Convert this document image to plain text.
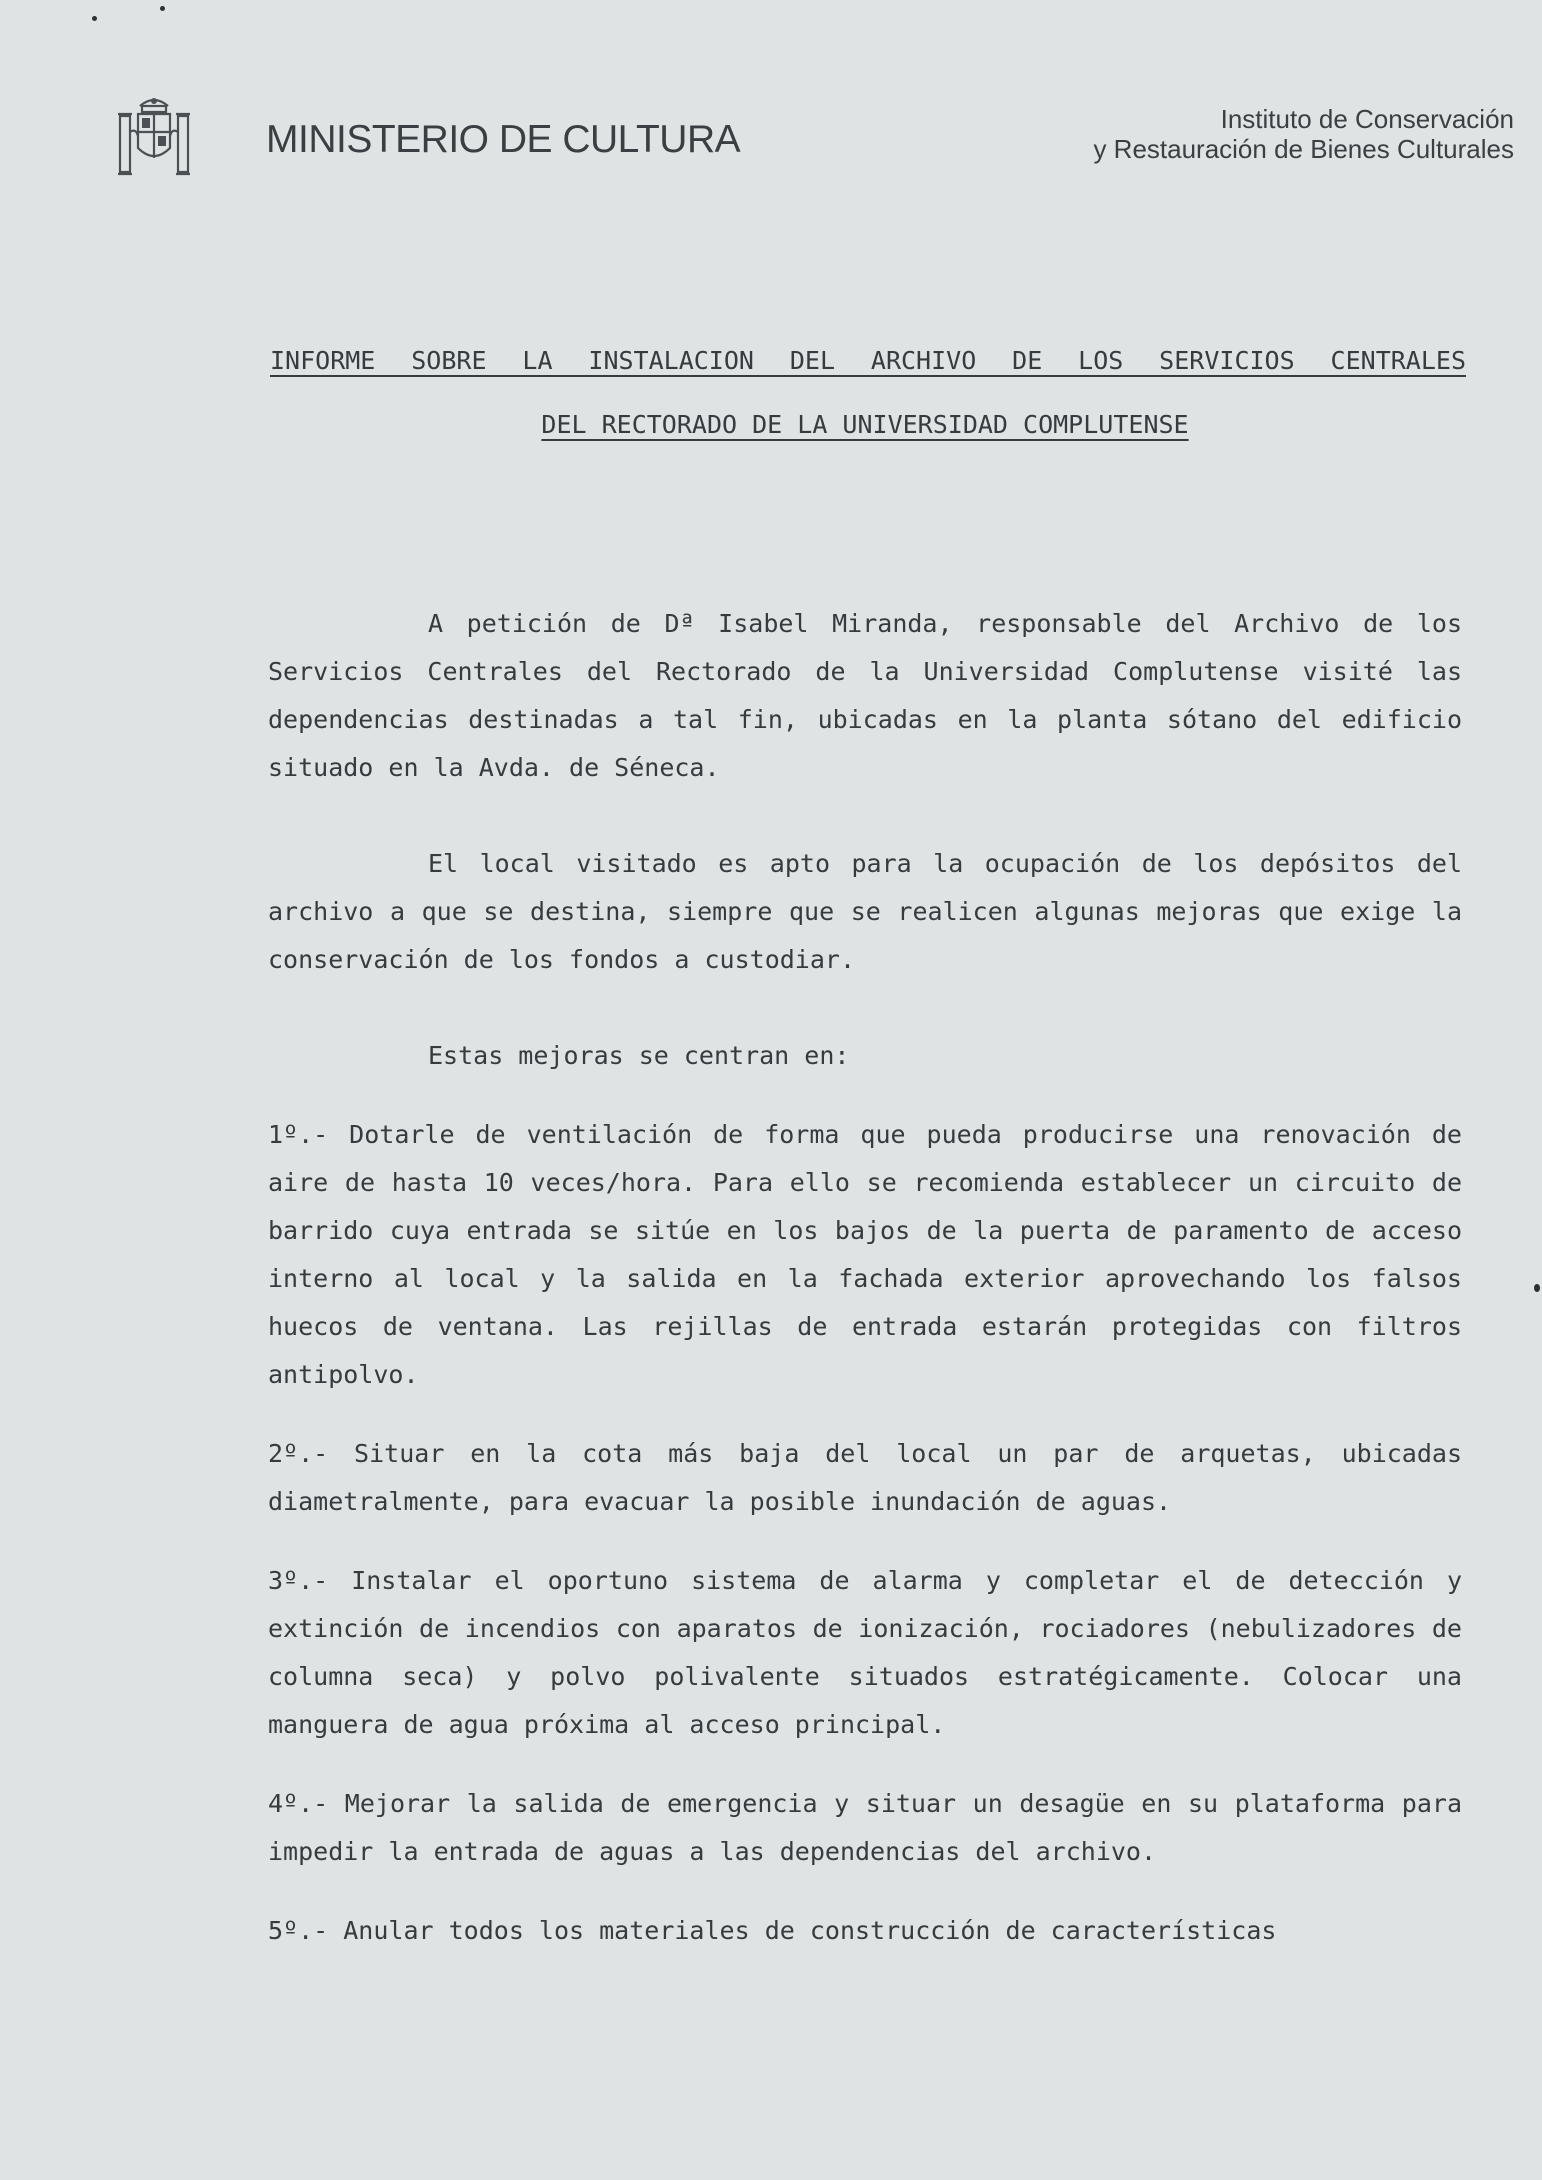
MINISTERIO DE CULTURA	Instituto de Conservación
y Restauración de Bienes Culturales
INFORME SOBRE LA INSTALACION DEL ARCHIVO DE LOS SERVICIOS CENTRALES
DEL RECTORADO DE LA UNIVERSIDAD COMPLUTENSE

A petición de Dª Isabel Miranda, responsable del Archivo de los Servicios Centrales del Rectorado de la Universidad Complutense visité las dependencias destinadas a tal fin, ubicadas en la planta sótano del edificio situado en la Avda. de Séneca.

El local visitado es apto para la ocupación de los depósitos del archivo a que se destina, siempre que se realicen algunas mejoras que exige la conservación de los fondos a custodiar.

Estas mejoras se centran en:

1º.- Dotarle de ventilación de forma que pueda producirse una renovación de aire de hasta 10 veces/hora. Para ello se recomienda establecer un circuito de barrido cuya entrada se sitúe en los bajos de la puerta de paramento de acceso interno al local y la salida en la fachada exterior aprovechando los falsos huecos de ventana. Las rejillas de entrada estarán protegidas con filtros antipolvo.

2º.- Situar en la cota más baja del local un par de arquetas, ubicadas diametralmente, para evacuar la posible inundación de aguas.

3º.- Instalar el oportuno sistema de alarma y completar el de detección y extinción de incendios con aparatos de ionización, rociadores (nebulizadores de columna seca) y polvo polivalente situados estratégicamente. Colocar una manguera de agua próxima al acceso principal.

4º.- Mejorar la salida de emergencia y situar un desagüe en su plataforma para impedir la entrada de aguas a las dependencias del archivo.

5º.- Anular todos los materiales de construcción de características
